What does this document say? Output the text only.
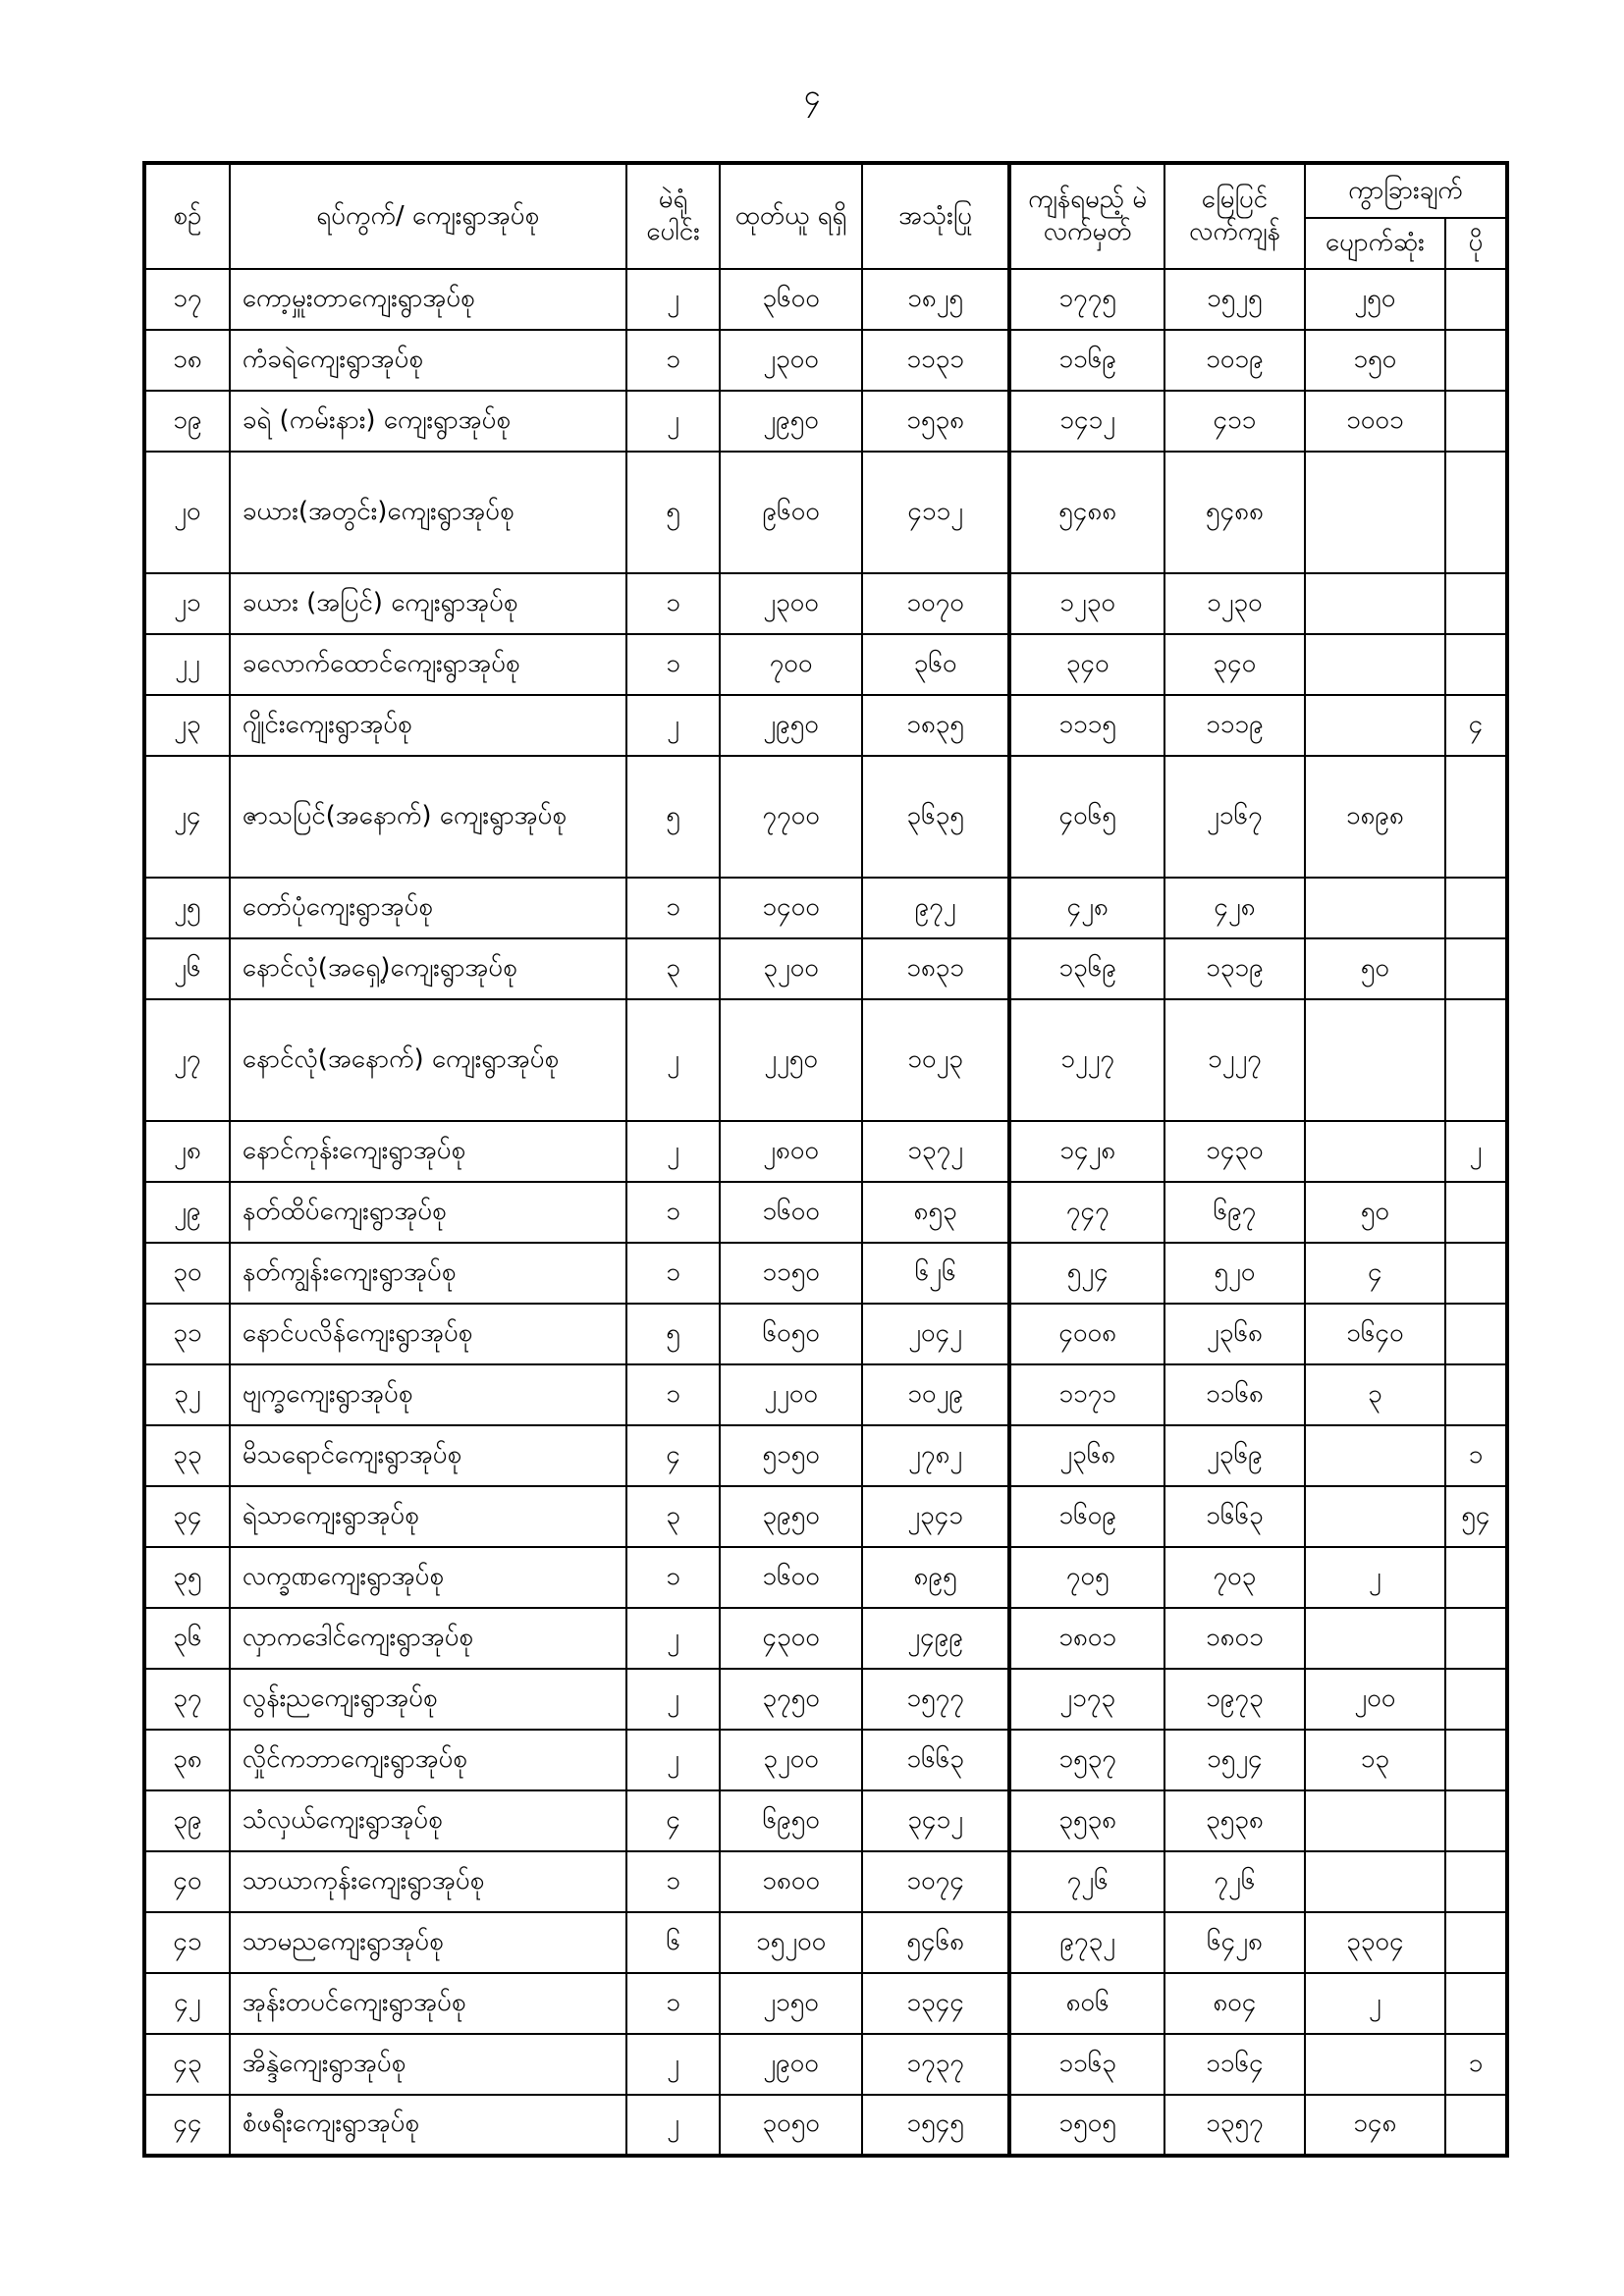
၄
စဉ်	ရပ်ကွက်/ ကျေးရွာအုပ်စု	မဲရုံ ပေါင်း	ထုတ်ယူ ရရှိ	အသုံးပြု	ကျန်ရမည့် မဲလက်မှတ်	မြေပြင် လက်ကျန်	ကွာခြားချက်	
							ပျောက်ဆုံး	ပို
၁၇	ကော့မှူးတာကျေးရွာအုပ်စု	၂	၃၆၀၀	၁၈၂၅	၁၇၇၅	၁၅၂၅	၂၅၀	
၁၈	ကံခရဲကျေးရွာအုပ်စု	၁	၂၃၀၀	၁၁၃၁	၁၁၆၉	၁၀၁၉	၁၅၀	
၁၉	ခရဲ (ကမ်းနား) ကျေးရွာအုပ်စု	၂	၂၉၅၀	၁၅၃၈	၁၄၁၂	၄၁၁	၁၀၀၁	
၂၀	ခယား(အတွင်း)ကျေးရွာအုပ်စု	၅	၉၆၀၀	၄၁၁၂	၅၄၈၈	၅၄၈၈		
၂၁	ခယား (အပြင်) ကျေးရွာအုပ်စု	၁	၂၃၀၀	၁၀၇၀	၁၂၃၀	၁၂၃၀		
၂၂	ခလောက်ထောင်ကျေးရွာအုပ်စု	၁	၇၀၀	၃၆၀	၃၄၀	၃၄၀		
၂၃	ဂျိုင်းကျေးရွာအုပ်စု	၂	၂၉၅၀	၁၈၃၅	၁၁၁၅	၁၁၁၉		၄
၂၄	ဇာသပြင်(အနောက်) ကျေးရွာအုပ်စု	၅	၇၇၀၀	၃၆၃၅	၄၀၆၅	၂၁၆၇	၁၈၉၈	
၂၅	တော်ပုံကျေးရွာအုပ်စု	၁	၁၄၀၀	၉၇၂	၄၂၈	၄၂၈		
၂၆	နောင်လုံ(အရှေ့)ကျေးရွာအုပ်စု	၃	၃၂၀၀	၁၈၃၁	၁၃၆၉	၁၃၁၉	၅၀	
၂၇	နောင်လုံ(အနောက်) ကျေးရွာအုပ်စု	၂	၂၂၅၀	၁၀၂၃	၁၂၂၇	၁၂၂၇		
၂၈	နောင်ကုန်းကျေးရွာအုပ်စု	၂	၂၈၀၀	၁၃၇၂	၁၄၂၈	၁၄၃၀		၂
၂၉	နတ်ထိပ်ကျေးရွာအုပ်စု	၁	၁၆၀၀	၈၅၃	၇၄၇	၆၉၇	၅၀	
၃၀	နတ်ကျွန်းကျေးရွာအုပ်စု	၁	၁၁၅၀	၆၂၆	၅၂၄	၅၂၀	၄	
၃၁	နောင်ပလိန်ကျေးရွာအုပ်စု	၅	၆၀၅၀	၂၀၄၂	၄၀၀၈	၂၃၆၈	၁၆၄၀	
၃၂	ဗျက္ခကျေးရွာအုပ်စု	၁	၂၂၀၀	၁၀၂၉	၁၁၇၁	၁၁၆၈	၃	
၃၃	မိသရောင်ကျေးရွာအုပ်စု	၄	၅၁၅၀	၂၇၈၂	၂၃၆၈	၂၃၆၉		၁
၃၄	ရဲသာကျေးရွာအုပ်စု	၃	၃၉၅၀	၂၃၄၁	၁၆၀၉	၁၆၆၃		၅၄
၃၅	လက္ခဏကျေးရွာအုပ်စု	၁	၁၆၀၀	၈၉၅	၇၀၅	၇၀၃	၂	
၃၆	လှာကဒေါင်ကျေးရွာအုပ်စု	၂	၄၃၀၀	၂၄၉၉	၁၈၀၁	၁၈၀၁		
၃၇	လွန်းညကျေးရွာအုပ်စု	၂	၃၇၅၀	၁၅၇၇	၂၁၇၃	၁၉၇၃	၂၀၀	
၃၈	လှိုင်ကဘာကျေးရွာအုပ်စု	၂	၃၂၀၀	၁၆၆၃	၁၅၃၇	၁၅၂၄	၁၃	
၃၉	သံလှယ်ကျေးရွာအုပ်စု	၄	၆၉၅၀	၃၄၁၂	၃၅၃၈	၃၅၃၈		
၄၀	သာယာကုန်းကျေးရွာအုပ်စု	၁	၁၈၀၀	၁၀၇၄	၇၂၆	၇၂၆		
၄၁	သာမညကျေးရွာအုပ်စု	၆	၁၅၂၀၀	၅၄၆၈	၉၇၃၂	၆၄၂၈	၃၃၀၄	
၄၂	အုန်းတပင်ကျေးရွာအုပ်စု	၁	၂၁၅၀	၁၃၄၄	၈၀၆	၈၀၄	၂	
၄၃	အိန္ဒဲကျေးရွာအုပ်စု	၂	၂၉၀၀	၁၇၃၇	၁၁၆၃	၁၁၆၄		၁
၄၄	စံဖရီးကျေးရွာအုပ်စု	၂	၃၀၅၀	၁၅၄၅	၁၅၀၅	၁၃၅၇	၁၄၈	
